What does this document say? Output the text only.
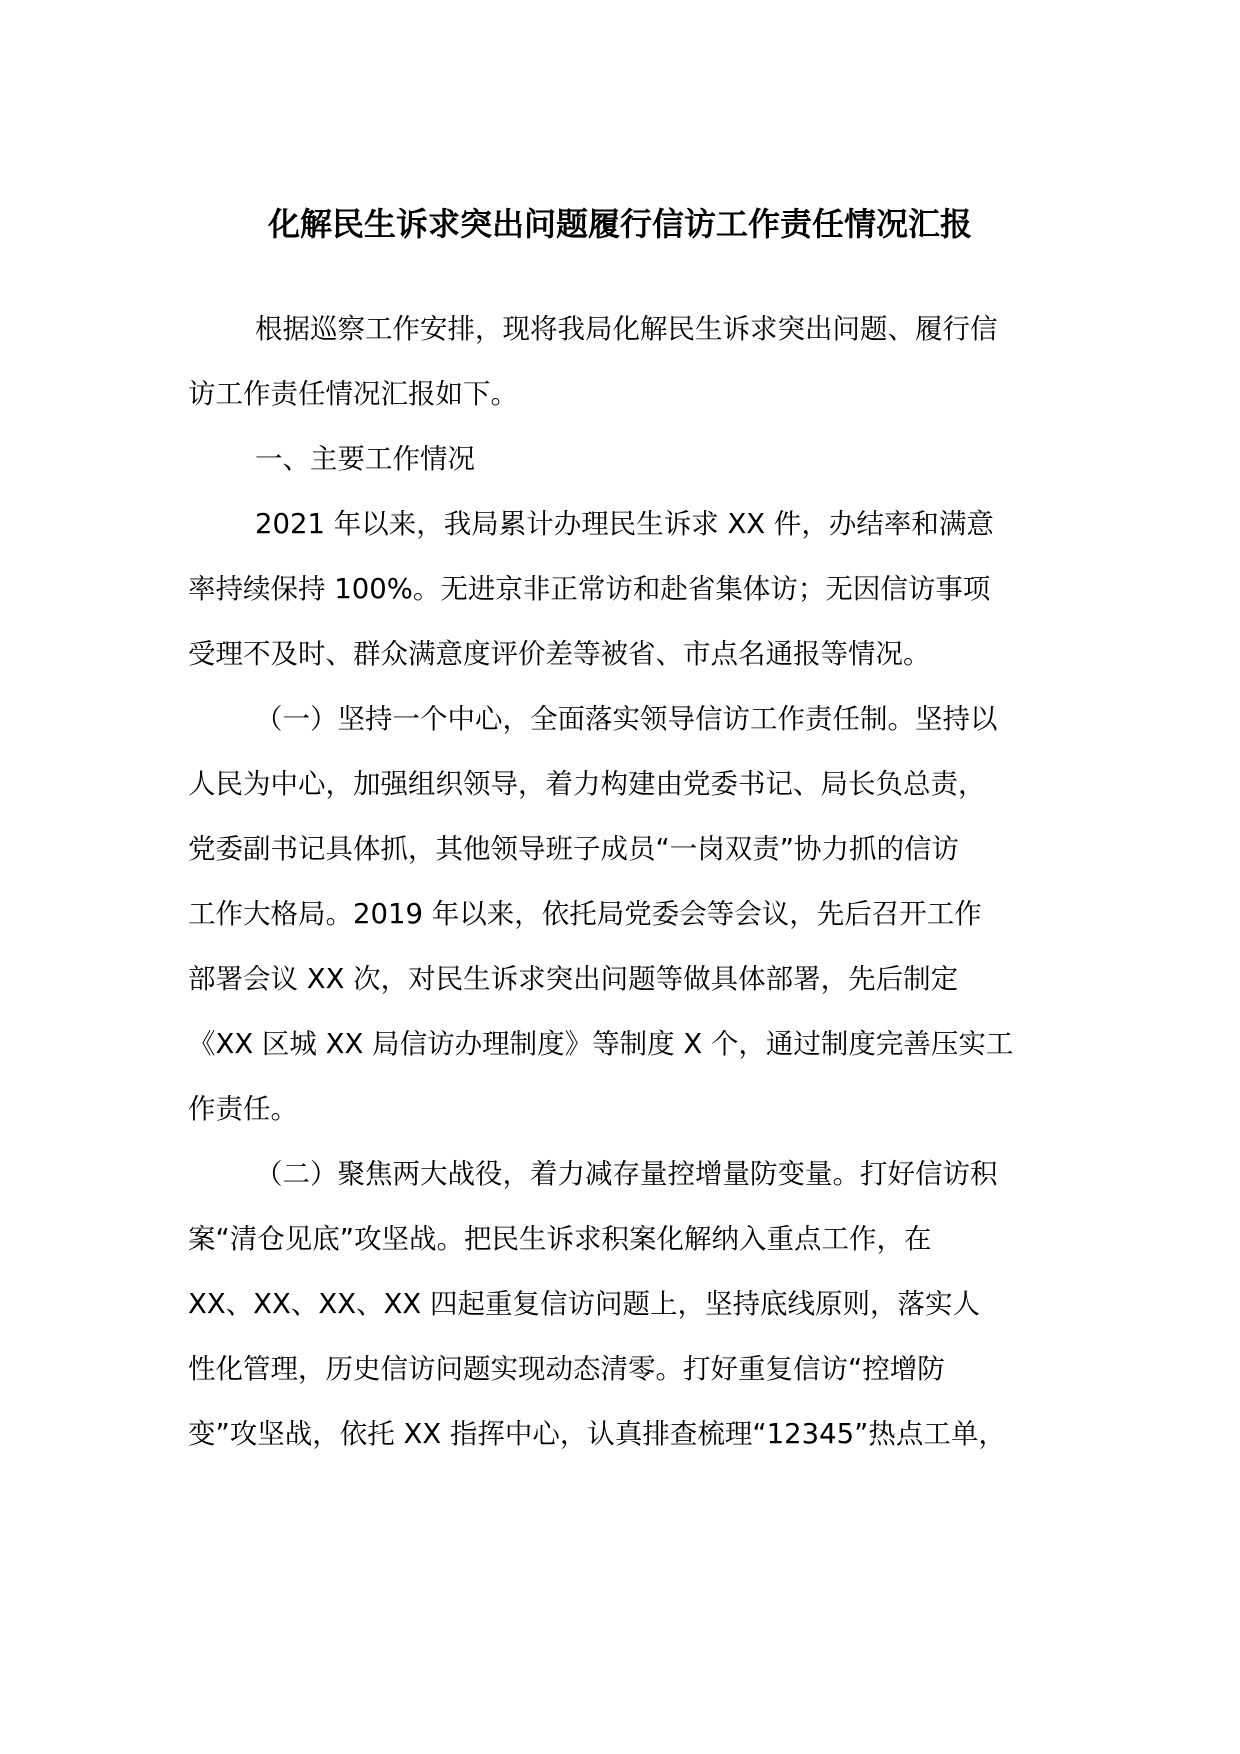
化解民生诉求突出问题履行信访工作责任情况汇报
根据巡察工作安排，现将我局化解民生诉求突出问题、履行信
访工作责任情况汇报如下。
一、主要工作情况
2021 年以来，我局累计办理民生诉求 XX 件，办结率和满意
率持续保持 100%。无进京非正常访和赴省集体访；无因信访事项
受理不及时、群众满意度评价差等被省、市点名通报等情况。
（一）坚持一个中心，全面落实领导信访工作责任制。坚持以
人民为中心，加强组织领导，着力构建由党委书记、局长负总责，
党委副书记具体抓，其他领导班子成员“一岗双责”协力抓的信访
工作大格局。2019 年以来，依托局党委会等会议，先后召开工作
部署会议 XX 次，对民生诉求突出问题等做具体部署，先后制定
《XX 区城 XX 局信访办理制度》等制度 X 个，通过制度完善压实工
作责任。
（二）聚焦两大战役，着力减存量控增量防变量。打好信访积
案“清仓见底”攻坚战。把民生诉求积案化解纳入重点工作，在
XX、XX、XX、XX 四起重复信访问题上，坚持底线原则，落实人
性化管理，历史信访问题实现动态清零。打好重复信访“控增防
变”攻坚战，依托 XX 指挥中心，认真排查梳理“12345”热点工单，
